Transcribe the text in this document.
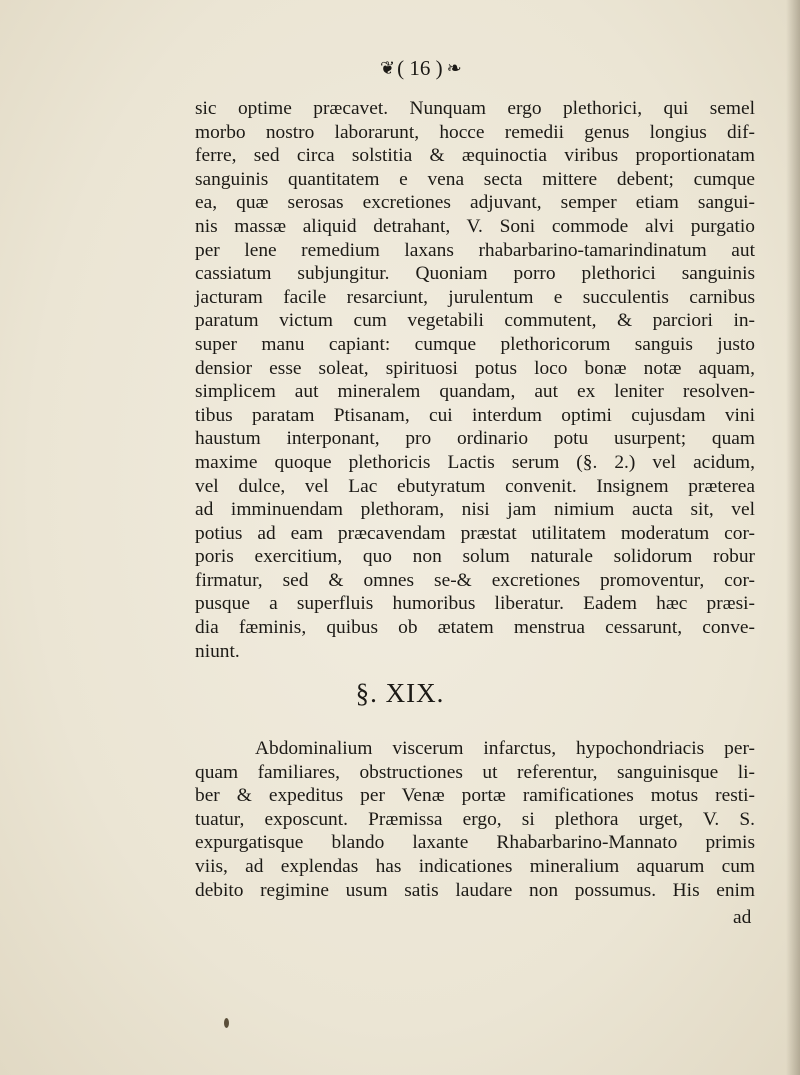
❦ ( 16 ) ❧
sic optime præcavet. Nunquam ergo plethorici, qui semel
morbo nostro laborarunt, hocce remedii genus longius dif-
ferre, sed circa solstitia & æquinoctia viribus proportionatam
sanguinis quantitatem e vena secta mittere debent; cumque
ea, quæ serosas excretiones adjuvant, semper etiam sangui-
nis massæ aliquid detrahant, V. Soni commode alvi purgatio
per lene remedium laxans rhabarbarino-tamarindinatum aut
cassiatum subjungitur. Quoniam porro plethorici sanguinis
jacturam facile resarciunt, jurulentum e succulentis carnibus
paratum victum cum vegetabili commutent, & parciori in-
super manu capiant: cumque plethoricorum sanguis justo
densior esse soleat, spirituosi potus loco bonæ notæ aquam,
simplicem aut mineralem quandam, aut ex leniter resolven-
tibus paratam Ptisanam, cui interdum optimi cujusdam vini
haustum interponant, pro ordinario potu usurpent; quam
maxime quoque plethoricis Lactis serum (§. 2.) vel acidum,
vel dulce, vel Lac ebutyratum convenit. Insignem præterea
ad imminuendam plethoram, nisi jam nimium aucta sit, vel
potius ad eam præcavendam præstat utilitatem moderatum cor-
poris exercitium, quo non solum naturale solidorum robur
firmatur, sed & omnes se-& excretiones promoventur, cor-
pusque a superfluis humoribus liberatur. Eadem hæc præsi-
dia fæminis, quibus ob ætatem menstrua cessarunt, conve-
niunt.
§. XIX.
Abdominalium viscerum infarctus, hypochondriacis per-
quam familiares, obstructiones ut referentur, sanguinisque li-
ber & expeditus per Venæ portæ ramificationes motus resti-
tuatur, exposcunt. Præmissa ergo, si plethora urget, V. S.
expurgatisque blando laxante Rhabarbarino-Mannato primis
viis, ad explendas has indicationes mineralium aquarum cum
debito regimine usum satis laudare non possumus. His enim
ad
